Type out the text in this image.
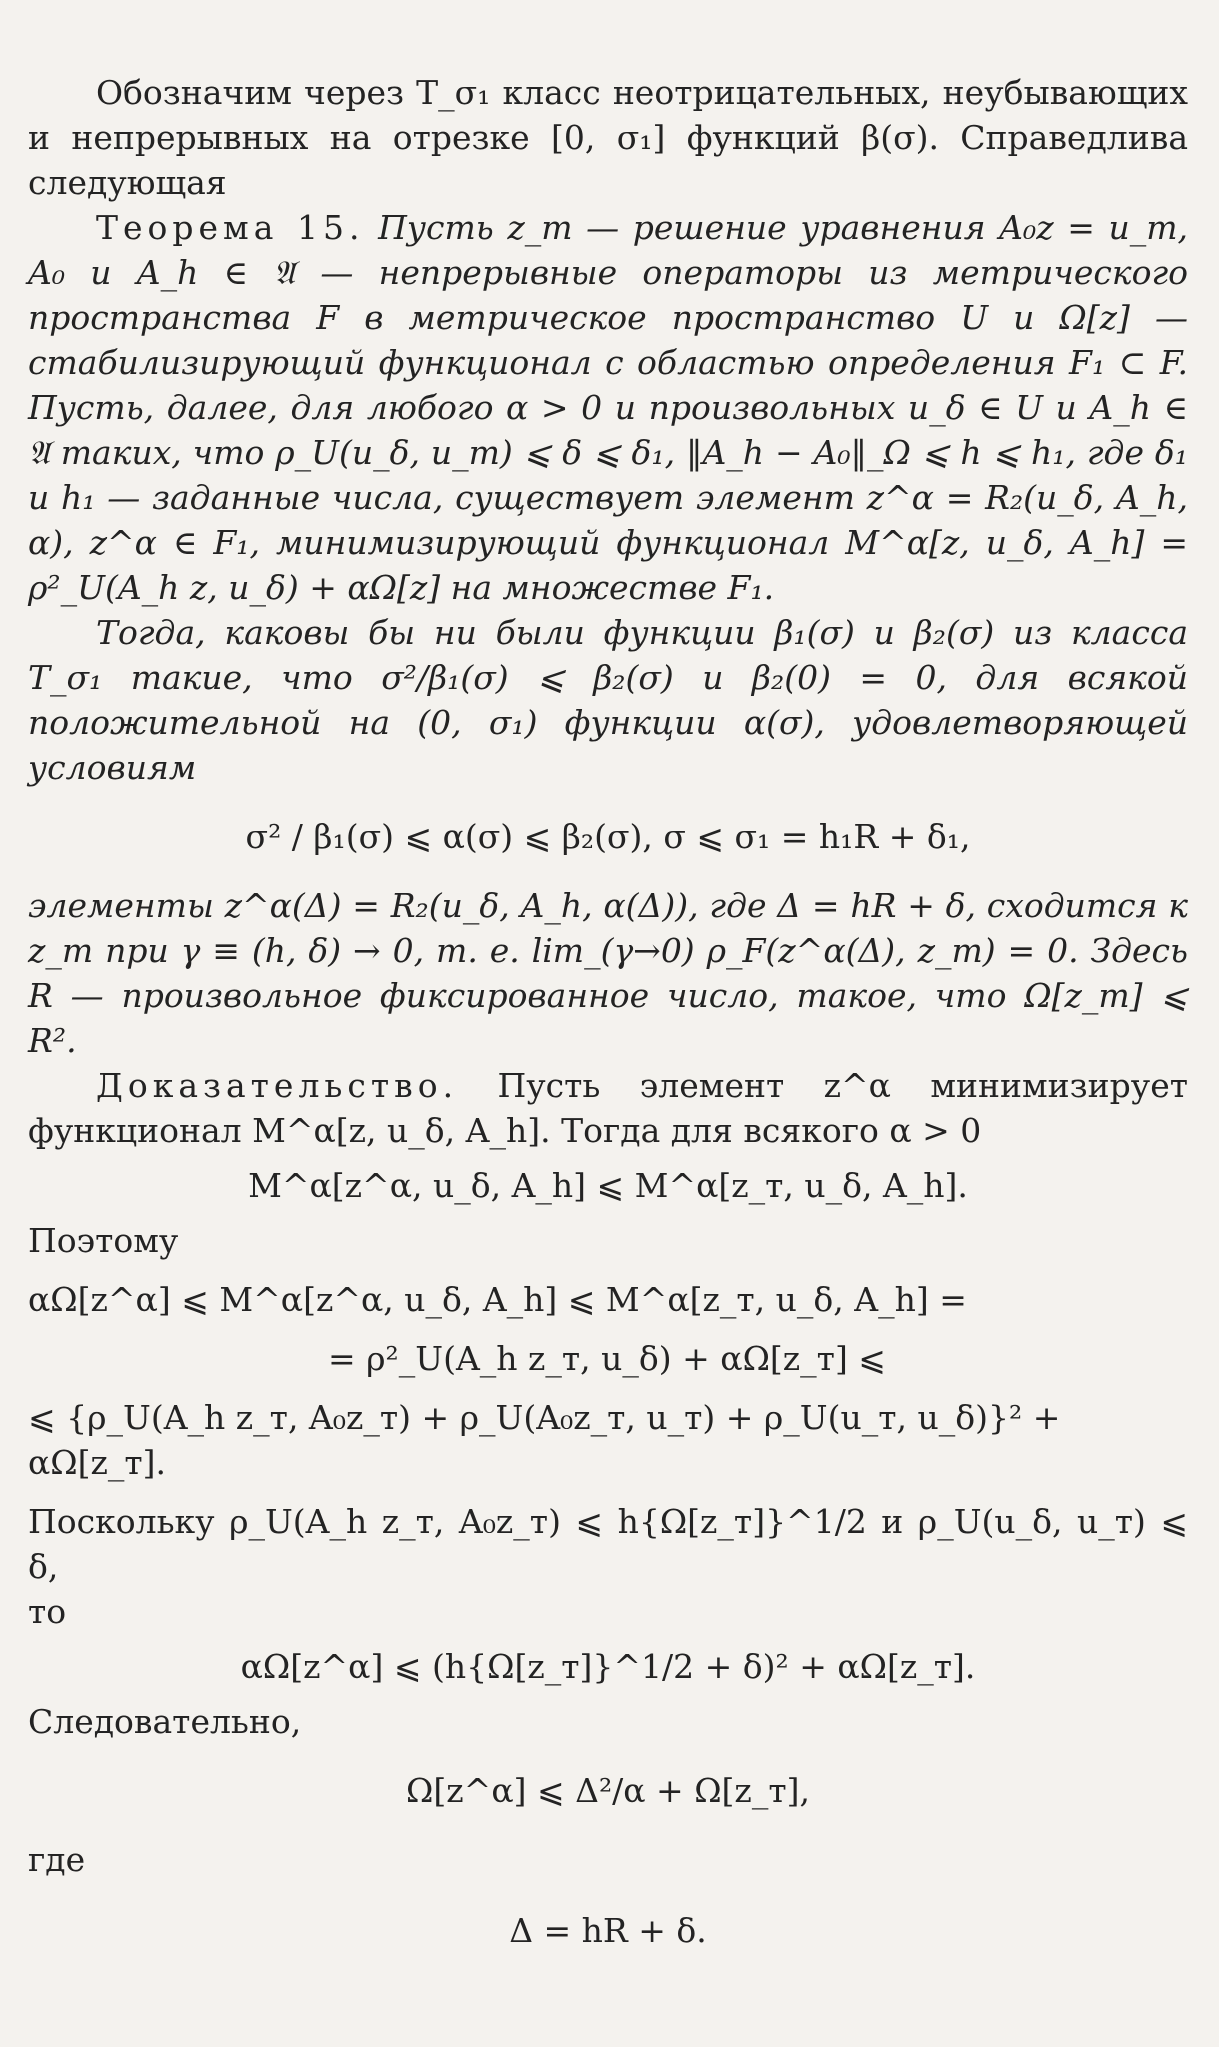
Обозначим через T_σ₁ класс неотрицательных, неубывающих и непрерывных на отрезке [0, σ₁] функций β(σ). Справедлива следующая

Теорема 15. Пусть z_т — решение уравнения A₀z = u_т, A₀ и A_h ∈ 𝔄 — непрерывные операторы из метрического пространства F в метрическое пространство U и Ω[z] — стабилизирующий функционал с областью определения F₁ ⊂ F. Пусть, далее, для любого α > 0 и произвольных u_δ ∈ U и A_h ∈ 𝔄 таких, что ρ_U(u_δ, u_т) ⩽ δ ⩽ δ₁, ‖A_h − A₀‖_Ω ⩽ h ⩽ h₁, где δ₁ и h₁ — заданные числа, существует элемент z^α = R₂(u_δ, A_h, α), z^α ∈ F₁, минимизирующий функционал M^α[z, u_δ, A_h] = ρ²_U(A_h z, u_δ) + αΩ[z] на множестве F₁.

Тогда, каковы бы ни были функции β₁(σ) и β₂(σ) из класса T_σ₁ такие, что σ²/β₁(σ) ⩽ β₂(σ) и β₂(0) = 0, для всякой положительной на (0, σ₁) функции α(σ), удовлетворяющей условиям

σ² / β₁(σ) ⩽ α(σ) ⩽ β₂(σ), σ ⩽ σ₁ = h₁R + δ₁,

элементы z^α(Δ) = R₂(u_δ, A_h, α(Δ)), где Δ = hR + δ, сходится к z_т при γ ≡ (h, δ) → 0, т. е. lim_(γ→0) ρ_F(z^α(Δ), z_т) = 0. Здесь R — произвольное фиксированное число, такое, что Ω[z_т] ⩽ R².

Доказательство. Пусть элемент z^α минимизирует функционал M^α[z, u_δ, A_h]. Тогда для всякого α > 0

M^α[z^α, u_δ, A_h] ⩽ M^α[z_т, u_δ, A_h].

Поэтому

αΩ[z^α] ⩽ M^α[z^α, u_δ, A_h] ⩽ M^α[z_т, u_δ, A_h] =
= ρ²_U(A_h z_т, u_δ) + αΩ[z_т] ⩽
⩽ {ρ_U(A_h z_т, A₀z_т) + ρ_U(A₀z_т, u_т) + ρ_U(u_т, u_δ)}² + αΩ[z_т].

Поскольку ρ_U(A_h z_т, A₀z_т) ⩽ h{Ω[z_т]}^1/2 и ρ_U(u_δ, u_т) ⩽ δ,

то

αΩ[z^α] ⩽ (h{Ω[z_т]}^1/2 + δ)² + αΩ[z_т].

Следовательно,

Ω[z^α] ⩽ Δ²/α + Ω[z_т],

где

Δ = hR + δ.
